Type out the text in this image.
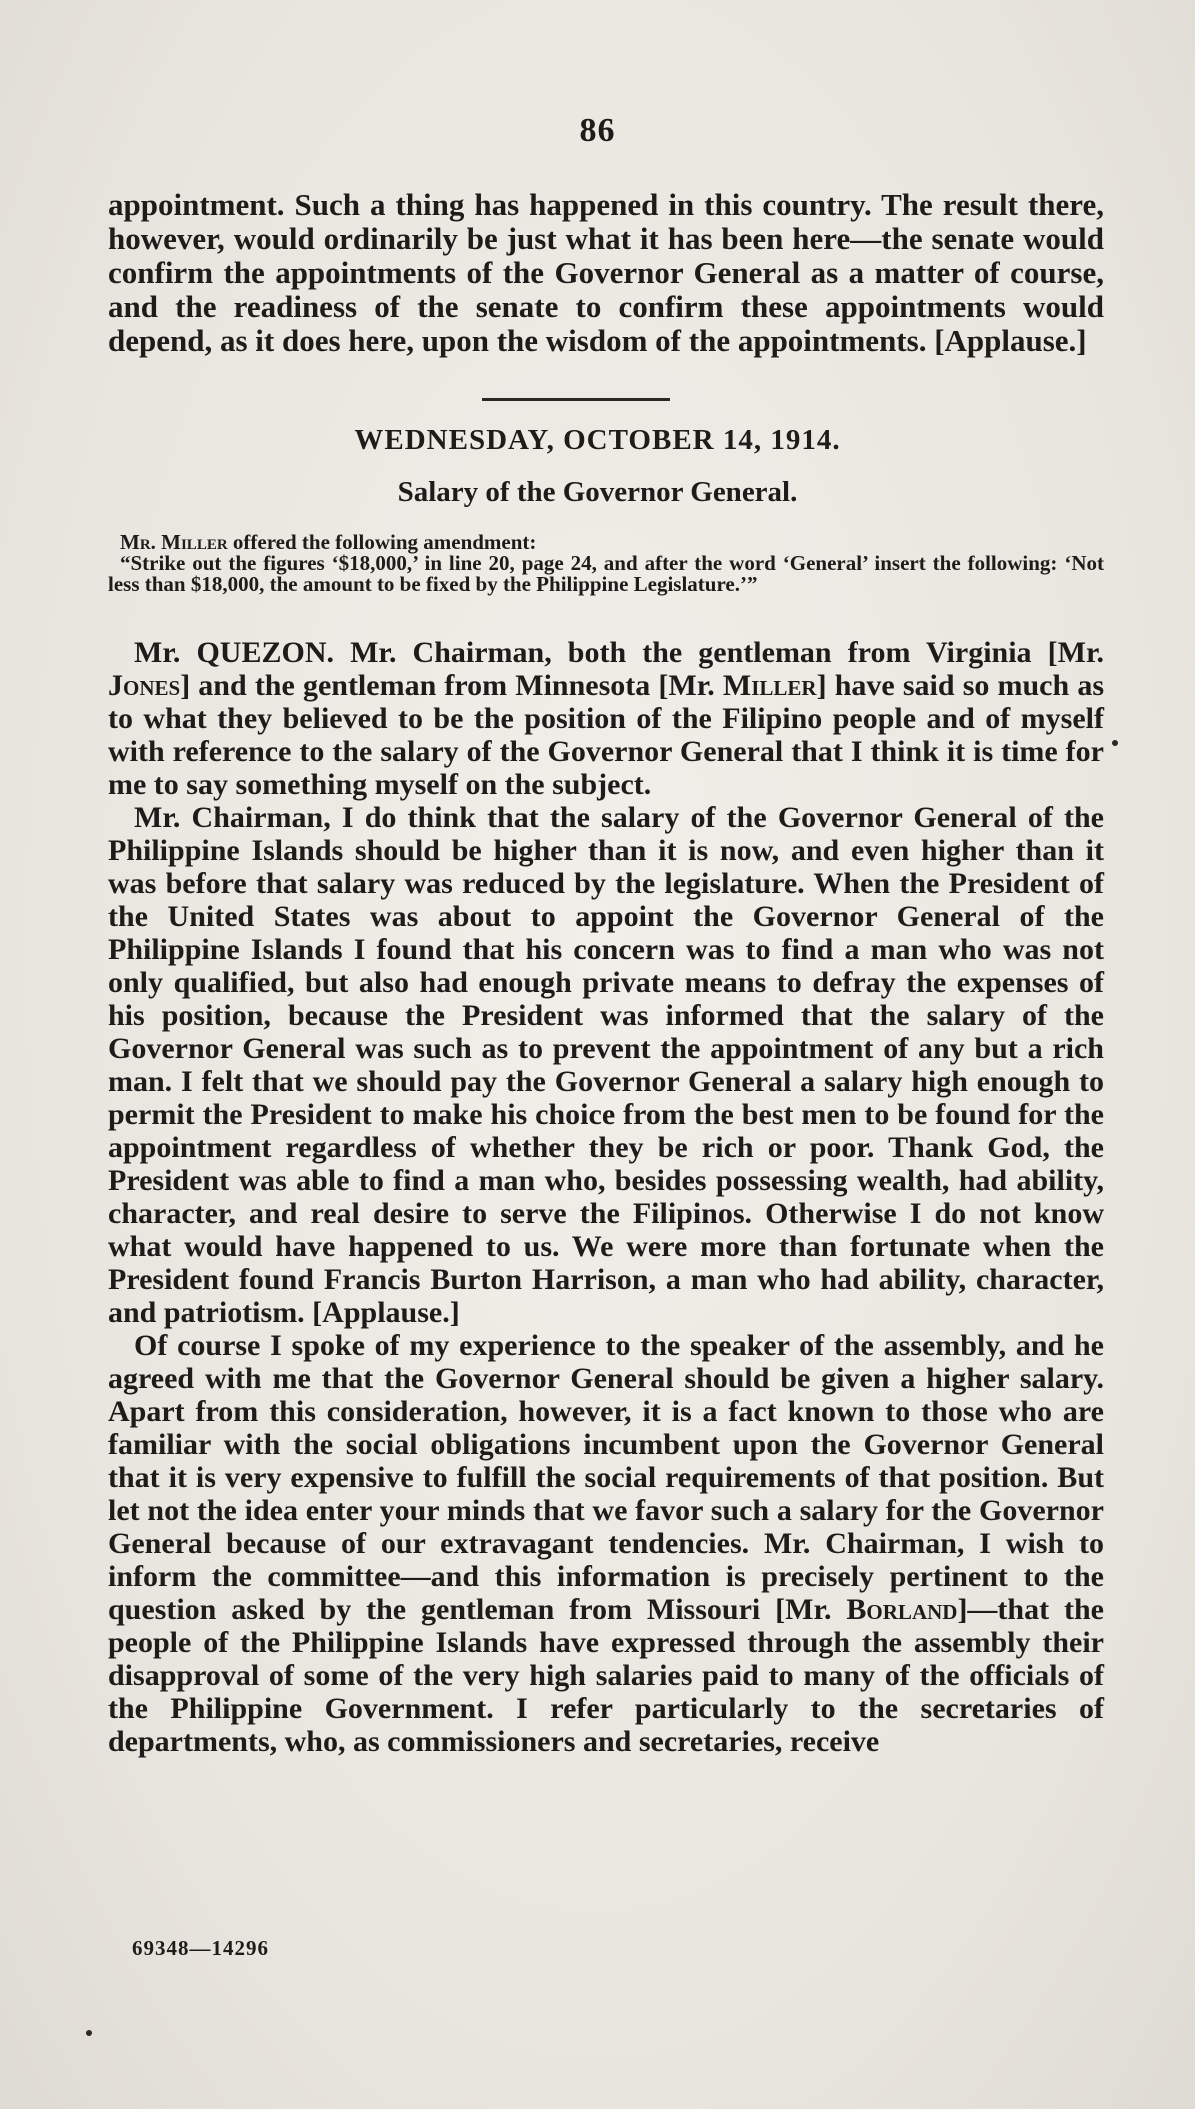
86

appointment. Such a thing has happened in this country. The result there, however, would ordinarily be just what it has been here—the senate would confirm the appointments of the Governor General as a matter of course, and the readiness of the senate to confirm these appointments would depend, as it does here, upon the wisdom of the appointments. [Applause.]

WEDNESDAY, OCTOBER 14, 1914.
Salary of the Governor General.

Mr. Miller offered the following amendment:

“Strike out the figures ‘$18,000,’ in line 20, page 24, and after the word ‘General’ insert the following: ‘Not less than $18,000, the amount to be fixed by the Philippine Legislature.’”

Mr. QUEZON. Mr. Chairman, both the gentleman from Virginia [Mr. Jones] and the gentleman from Minnesota [Mr. Miller] have said so much as to what they believed to be the position of the Filipino people and of myself with reference to the salary of the Governor General that I think it is time for me to say something myself on the subject.

Mr. Chairman, I do think that the salary of the Governor General of the Philippine Islands should be higher than it is now, and even higher than it was before that salary was reduced by the legislature. When the President of the United States was about to appoint the Governor General of the Philippine Islands I found that his concern was to find a man who was not only qualified, but also had enough private means to defray the expenses of his position, because the President was informed that the salary of the Governor General was such as to prevent the appointment of any but a rich man. I felt that we should pay the Governor General a salary high enough to permit the President to make his choice from the best men to be found for the appointment regardless of whether they be rich or poor. Thank God, the President was able to find a man who, besides possessing wealth, had ability, character, and real desire to serve the Filipinos. Otherwise I do not know what would have happened to us. We were more than fortunate when the President found Francis Burton Harrison, a man who had ability, character, and patriotism. [Applause.]

Of course I spoke of my experience to the speaker of the assembly, and he agreed with me that the Governor General should be given a higher salary. Apart from this consideration, however, it is a fact known to those who are familiar with the social obligations incumbent upon the Governor General that it is very expensive to fulfill the social requirements of that position. But let not the idea enter your minds that we favor such a salary for the Governor General because of our extravagant tendencies. Mr. Chairman, I wish to inform the committee—and this information is precisely pertinent to the question asked by the gentleman from Missouri [Mr. Borland]—that the people of the Philippine Islands have expressed through the assembly their disapproval of some of the very high salaries paid to many of the officials of the Philippine Government. I refer particularly to the secretaries of departments, who, as commissioners and secretaries, receive

69348—14296
